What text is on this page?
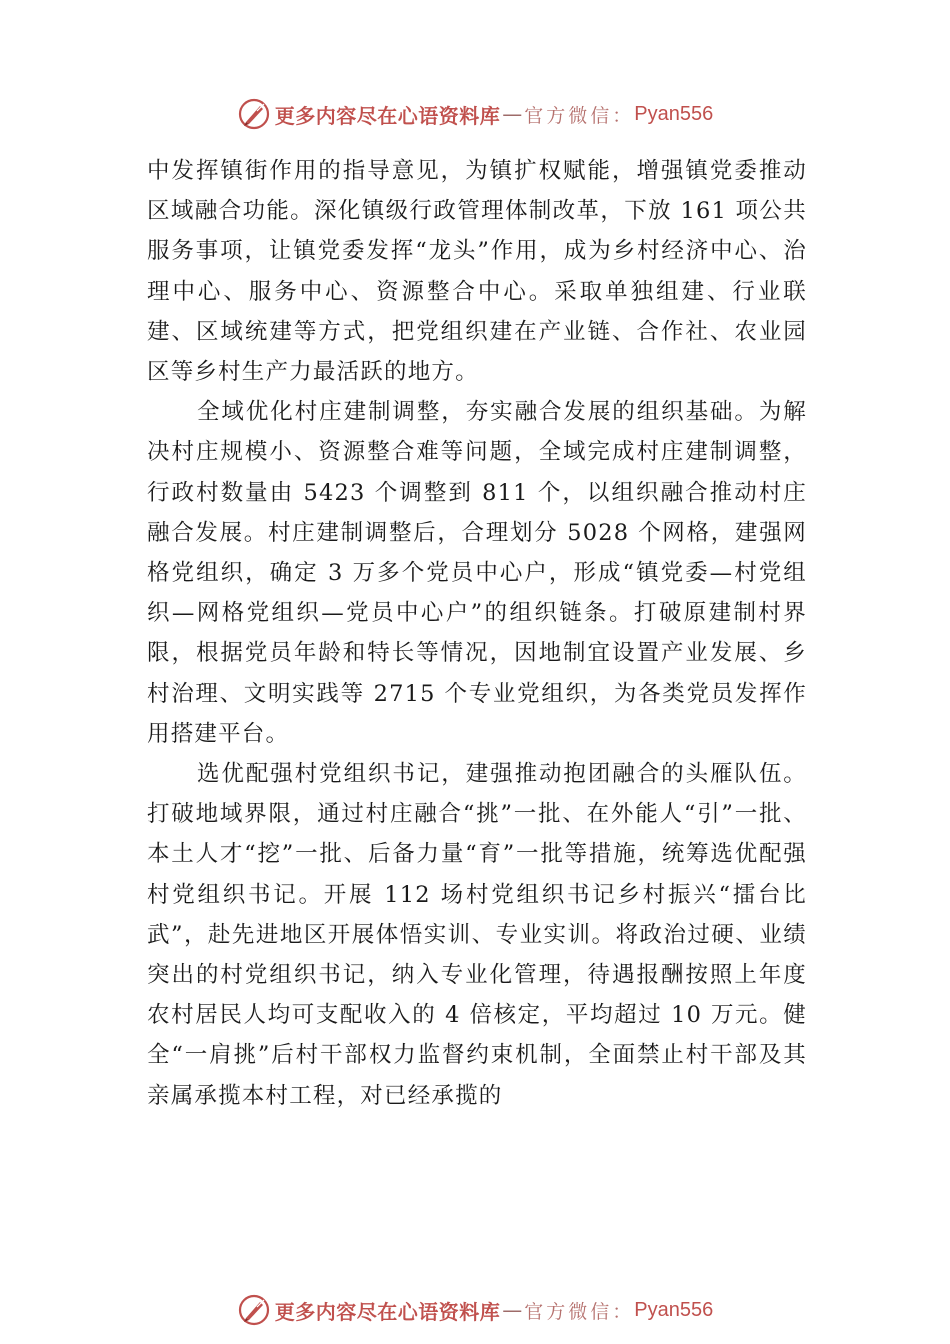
更多内容尽在心语资料库 — 官方微信： Pyan556

中发挥镇街作用的指导意见，为镇扩权赋能，增强镇党委推动区域融合功能。深化镇级行政管理体制改革，下放 161 项公共服务事项，让镇党委发挥“龙头”作用，成为乡村经济中心、治理中心、服务中心、资源整合中心。采取单独组建、行业联建、区域统建等方式，把党组织建在产业链、合作社、农业园区等乡村生产力最活跃的地方。

全域优化村庄建制调整，夯实融合发展的组织基础。为解决村庄规模小、资源整合难等问题，全域完成村庄建制调整，行政村数量由 5423 个调整到 811 个，以组织融合推动村庄融合发展。村庄建制调整后，合理划分 5028 个网格，建强网格党组织，确定 3 万多个党员中心户，形成“镇党委—村党组织—网格党组织—党员中心户”的组织链条。打破原建制村界限，根据党员年龄和特长等情况，因地制宜设置产业发展、乡村治理、文明实践等 2715 个专业党组织，为各类党员发挥作用搭建平台。

选优配强村党组织书记，建强推动抱团融合的头雁队伍。打破地域界限，通过村庄融合“挑”一批、在外能人“引”一批、本土人才“挖”一批、后备力量“育”一批等措施，统筹选优配强村党组织书记。开展 112 场村党组织书记乡村振兴“擂台比武”，赴先进地区开展体悟实训、专业实训。将政治过硬、业绩突出的村党组织书记，纳入专业化管理，待遇报酬按照上年度农村居民人均可支配收入的 4 倍核定，平均超过 10 万元。健全“一肩挑”后村干部权力监督约束机制，全面禁止村干部及其亲属承揽本村工程，对已经承揽的

更多内容尽在心语资料库 — 官方微信： Pyan556
